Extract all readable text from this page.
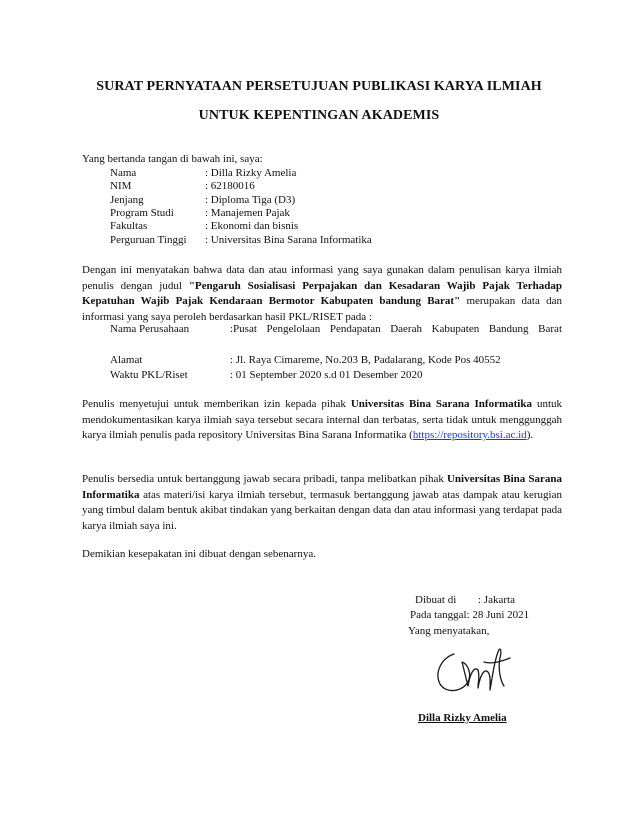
SURAT PERNYATAAN PERSETUJUAN PUBLIKASI KARYA ILMIAH
UNTUK KEPENTINGAN AKADEMIS
Yang bertanda tangan di bawah ini, saya:
Nama	: Dilla Rizky Amelia
NIM	: 62180016
Jenjang	: Diploma Tiga (D3)
Program Studi	: Manajemen Pajak
Fakultas	: Ekonomi dan bisnis
Perguruan Tinggi : Universitas Bina Sarana Informatika
Dengan ini menyatakan bahwa data dan atau informasi yang saya gunakan dalam penulisan karya ilmiah penulis dengan judul "Pengaruh Sosialisasi Perpajakan dan Kesadaran Wajib Pajak Terhadap Kepatuhan Wajib Pajak Kendaraan Bermotor Kabupaten bandung Barat" merupakan data dan informasi yang saya peroleh berdasarkan hasil PKL/RISET pada :
Nama Perusahaan	:Pusat Pengelolaan Pendapatan Daerah Kabupaten Bandung Barat
Alamat	: Jl. Raya Cimareme, No.203 B, Padalarang, Kode Pos 40552
Waktu PKL/Riset	: 01 September 2020 s.d 01 Desember 2020
Penulis menyetujui untuk memberikan izin kepada pihak Universitas Bina Sarana Informatika untuk mendokumentasikan karya ilmiah saya tersebut secara internal dan terbatas, serta tidak untuk menggunggah karya ilmiah penulis pada repository Universitas Bina Sarana Informatika (https://repository.bsi.ac.id).
Penulis bersedia untuk bertanggung jawab secara pribadi, tanpa melibatkan pihak Universitas Bina Sarana Informatika atas materi/isi karya ilmiah tersebut, termasuk bertanggung jawab atas dampak atau kerugian yang timbul dalam bentuk akibat tindakan yang berkaitan dengan data dan atau informasi yang terdapat pada karya ilmiah saya ini.
Demikian kesepakatan ini dibuat dengan sebenarnya.
Dibuat di : Jakarta
Pada tanggal: 28 Juni 2021
Yang menyatakan,
Dilla Rizky Amelia
